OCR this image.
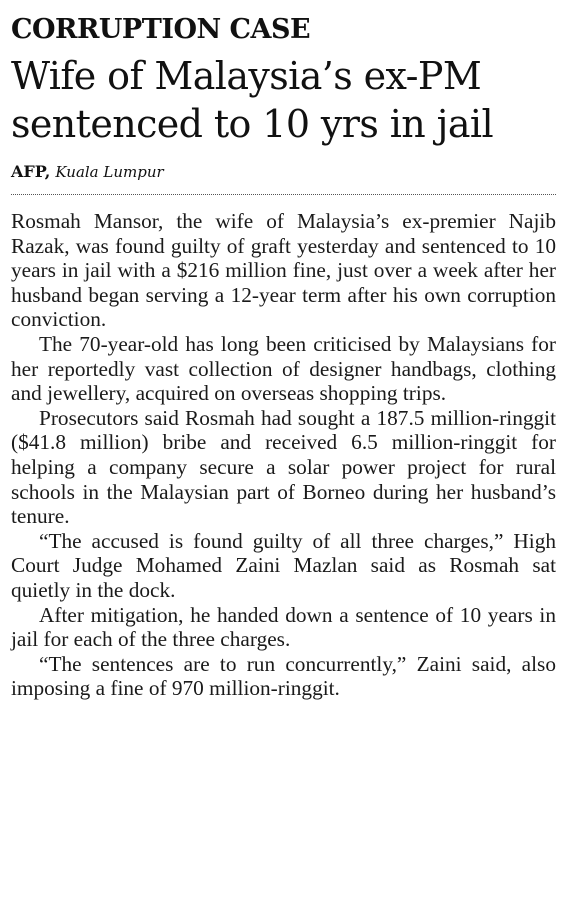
CORRUPTION CASE
Wife of Malaysia’s ex-PM sentenced to 10 yrs in jail
AFP, Kuala Lumpur

Rosmah Mansor, the wife of Malaysia’s ex-premier Najib Razak, was found guilty of graft yesterday and sentenced to 10 years in jail with a $216 million fine, just over a week after her husband began serving a 12-year term after his own corruption conviction.

The 70-year-old has long been criticised by Malaysians for her reportedly vast collection of designer handbags, clothing and jewellery, acquired on overseas shopping trips.

Prosecutors said Rosmah had sought a 187.5 million-ringgit ($41.8 million) bribe and received 6.5 million-ringgit for helping a company secure a solar power project for rural schools in the Malaysian part of Borneo during her husband’s tenure.

“The accused is found guilty of all three charges,” High Court Judge Mohamed Zaini Mazlan said as Rosmah sat quietly in the dock.

After mitigation, he handed down a sentence of 10 years in jail for each of the three charges.

“The sentences are to run concurrently,” Zaini said, also imposing a fine of 970 million-ringgit.
